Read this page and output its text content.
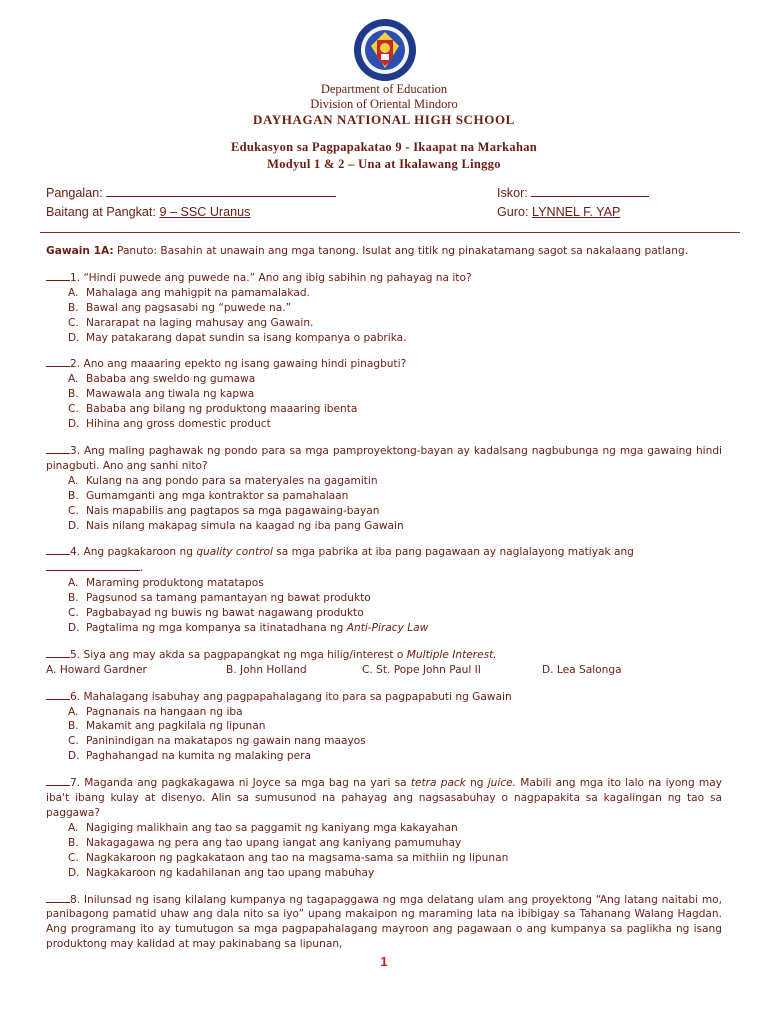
Department of Education
Division of Oriental Mindoro
DAYHAGAN NATIONAL HIGH SCHOOL
Edukasyon sa Pagpapakatao 9 - Ikaapat na Markahan
Modyul 1 & 2 – Una at Ikalawang Linggo
Pangalan:
Baitang at Pangkat: 9 – SSC Uranus
Iskor:
Guro: LYNNEL F. YAP

Gawain 1A: Panuto: Basahin at unawain ang mga tanong. Isulat ang titik ng pinakatamang sagot sa nakalaang patlang.

1. “Hindi puwede ang puwede na.” Ano ang ibig sabihin ng pahayag na ito?
A. Mahalaga ang mahigpit na pamamalakad.
B. Bawal ang pagsasabi ng “puwede na.”
C. Nararapat na laging mahusay ang Gawain.
D. May patakarang dapat sundin sa isang kompanya o pabrika.
2. Ano ang maaaring epekto ng isang gawaing hindi pinagbuti?
A. Bababa ang sweldo ng gumawa
B. Mawawala ang tiwala ng kapwa
C. Bababa ang bilang ng produktong maaaring ibenta
D. Hihina ang gross domestic product
3. Ang maling paghawak ng pondo para sa mga pamproyektong-bayan ay kadalsang nagbubunga ng mga gawaing hindi pinagbuti. Ano ang sanhi nito?
A. Kulang na ang pondo para sa materyales na gagamitin
B. Gumamganti ang mga kontraktor sa pamahalaan
C. Nais mapabilis ang pagtapos sa mga pagawaing-bayan
D. Nais nilang makapag simula na kaagad ng iba pang Gawain
4. Ang pagkakaroon ng quality control sa mga pabrika at iba pang pagawaan ay naglalayong matiyak ang
.
A. Maraming produktong matatapos
B. Pagsunod sa tamang pamantayan ng bawat produkto
C. Pagbabayad ng buwis ng bawat nagawang produkto
D. Pagtalima ng mga kompanya sa itinatadhana ng Anti-Piracy Law
5. Siya ang may akda sa pagpapangkat ng mga hilig/interest o Multiple Interest.
A. Howard Gardner	B. John Holland	C. St. Pope John Paul II	D. Lea Salonga
6. Mahalagang isabuhay ang pagpapahalagang ito para sa pagpapabuti ng Gawain
A. Pagnanais na hangaan ng iba
B. Makamit ang pagkilala ng lipunan
C. Paninindigan na makatapos ng gawain nang maayos
D. Paghahangad na kumita ng malaking pera
7. Maganda ang pagkakagawa ni Joyce sa mga bag na yari sa tetra pack ng juice. Mabili ang mga ito lalo na iyong may iba't ibang kulay at disenyo. Alin sa sumusunod na pahayag ang nagsasabuhay o nagpapakita sa kagalingan ng tao sa paggawa?
A. Nagiging malikhain ang tao sa paggamit ng kaniyang mga kakayahan
B. Nakagagawa ng pera ang tao upang iangat ang kaniyang pamumuhay
C. Nagkakaroon ng pagkakataon ang tao na magsama-sama sa mithiin ng lipunan
D. Nagkakaroon ng kadahilanan ang tao upang mabuhay
8. Inilunsad ng isang kilalang kumpanya ng tagapaggawa ng mga delatang ulam ang proyektong “Ang latang naitabi mo, panibagong pamatid uhaw ang dala nito sa iyo” upang makaipon ng maraming lata na ibibigay sa Tahanang Walang Hagdan. Ang programang ito ay tumutugon sa mga pagpapahalagang mayroon ang pagawaan o ang kumpanya sa paglikha ng isang produktong may kalidad at may pakinabang sa lipunan,
1
